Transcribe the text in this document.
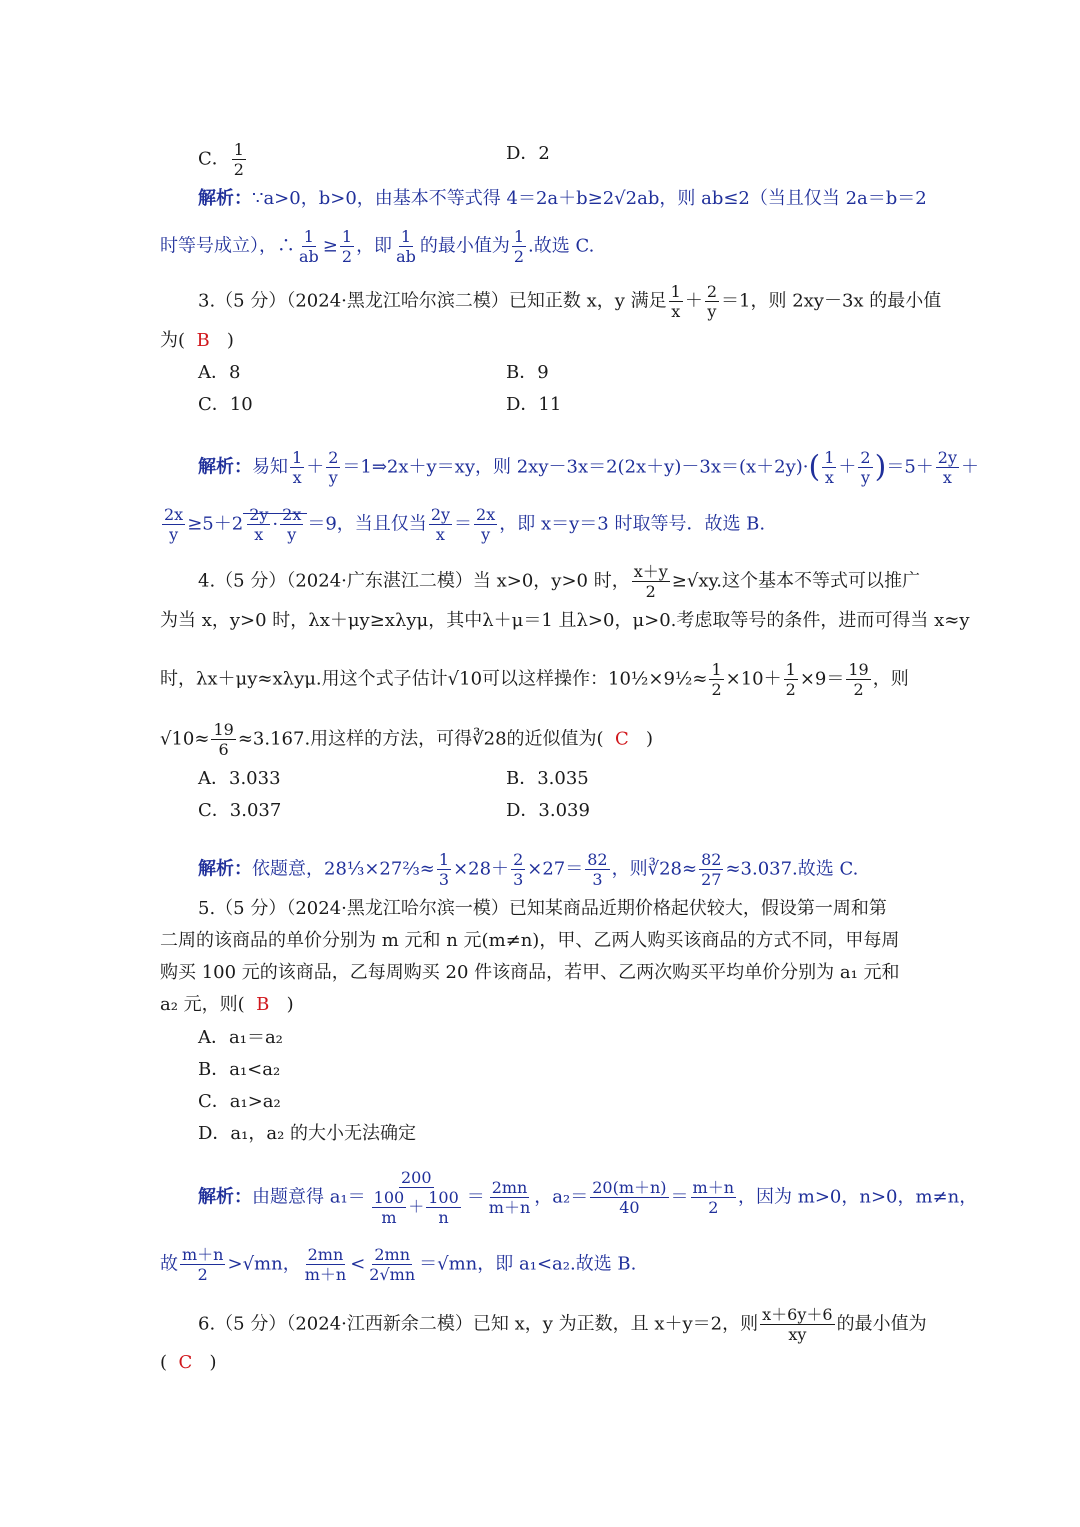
C． $\frac{1}{2}$	D．2
解析：∵a>0，b>0，由基本不等式得 4＝2a＋b≥2√2ab，则 ab≤2（当且仅当 2a＝b＝2
时等号成立），∴ $\frac{1}{ab} \ge \frac{1}{2}$ ，即 $\frac{1}{ab}$ 的最小值为 $\frac{1}{2}$ .故选 C.
3.（5 分）（2024·黑龙江哈尔滨二模）已知正数 x，y 满足 $\frac{1}{x} + \frac{2}{y} =1$，则 2xy－3x 的最小值
为( B )
A．8	B．9
C．10	D．11
解析：易知 $\frac{1}{x} + \frac{2}{y}$ ＝1⇒2x＋y＝xy，则 $2xy-3x=2(2x+y)-3x=(x+2y)\cdot( \frac{1}{x} + \frac{2}{y} )=5+ \frac{2y}{x}$ ＋
$\frac{2x}{y} \ge 5+2 \frac{2y}{x} \cdot \frac{2x}{y} =9$，当且仅当 $\frac{2y}{x} = \frac{2x}{y}$ ，即 x＝y＝3 时取等号．故选 B.
4.（5 分）（2024·广东湛江二模）当 x>0，y>0 时， $\frac{x+y}{2} \ge√xy$.这个基本不等式可以推广
为当 x，y>0 时，λx＋μy≥xλyμ，其中λ＋μ＝1 且λ>0，μ>0.考虑取等号的条件，进而可得当 x≈y
时，λx＋μy≈xλyμ.用这个式子估计√10可以这样操作：10½×9½≈ $\frac{1}{2} \times 10+ \frac{1}{2} \times 9= \frac{19}{2}$ ，则
$√10\approx \frac{19}{6} \approx 3.167$.用这样的方法，可得∛28的近似值为( C )
A．3.033	B．3.035
C．3.037	D．3.039
解析：依题意，28⅓×27⅔≈ $\frac{1}{3} \times 28+ \frac{2}{3} \times 27= \frac{82}{3}$ ，则∛28≈ $\frac{82}{27} \approx 3.037$.故选 C.
5.（5 分）（2024·黑龙江哈尔滨一模）已知某商品近期价格起伏较大，假设第一周和第
二周的该商品的单价分别为 m 元和 n 元(m≠n)，甲、乙两人购买该商品的方式不同，甲每周
购买 100 元的该商品，乙每周购买 20 件该商品，若甲、乙两次购买平均单价分别为 a₁ 元和
a₂ 元，则( B )
A．a₁＝a₂
B．a₁<a₂
C．a₁>a₂
D．a₁，a₂ 的大小无法确定
解析：由题意得 $a_1= \frac{200}{\frac{100}{m} + \frac{100}{n}} = \frac{2mn}{m+n}$ ，$a_2= \frac{20(m+n)}{40} = \frac{m+n}{2}$ ，因为 m>0，n>0，m≠n，
故 $\frac{m+n}{2} >√mn$， $\frac{2mn}{m+n} < \frac{2mn}{2√mn} =√mn$，即 a₁<a₂.故选 B.
6.（5 分）（2024·江西新余二模）已知 x，y 为正数，且 x＋y＝2，则 $\frac{x+6y+6}{xy}$ 的最小值为
( C )
